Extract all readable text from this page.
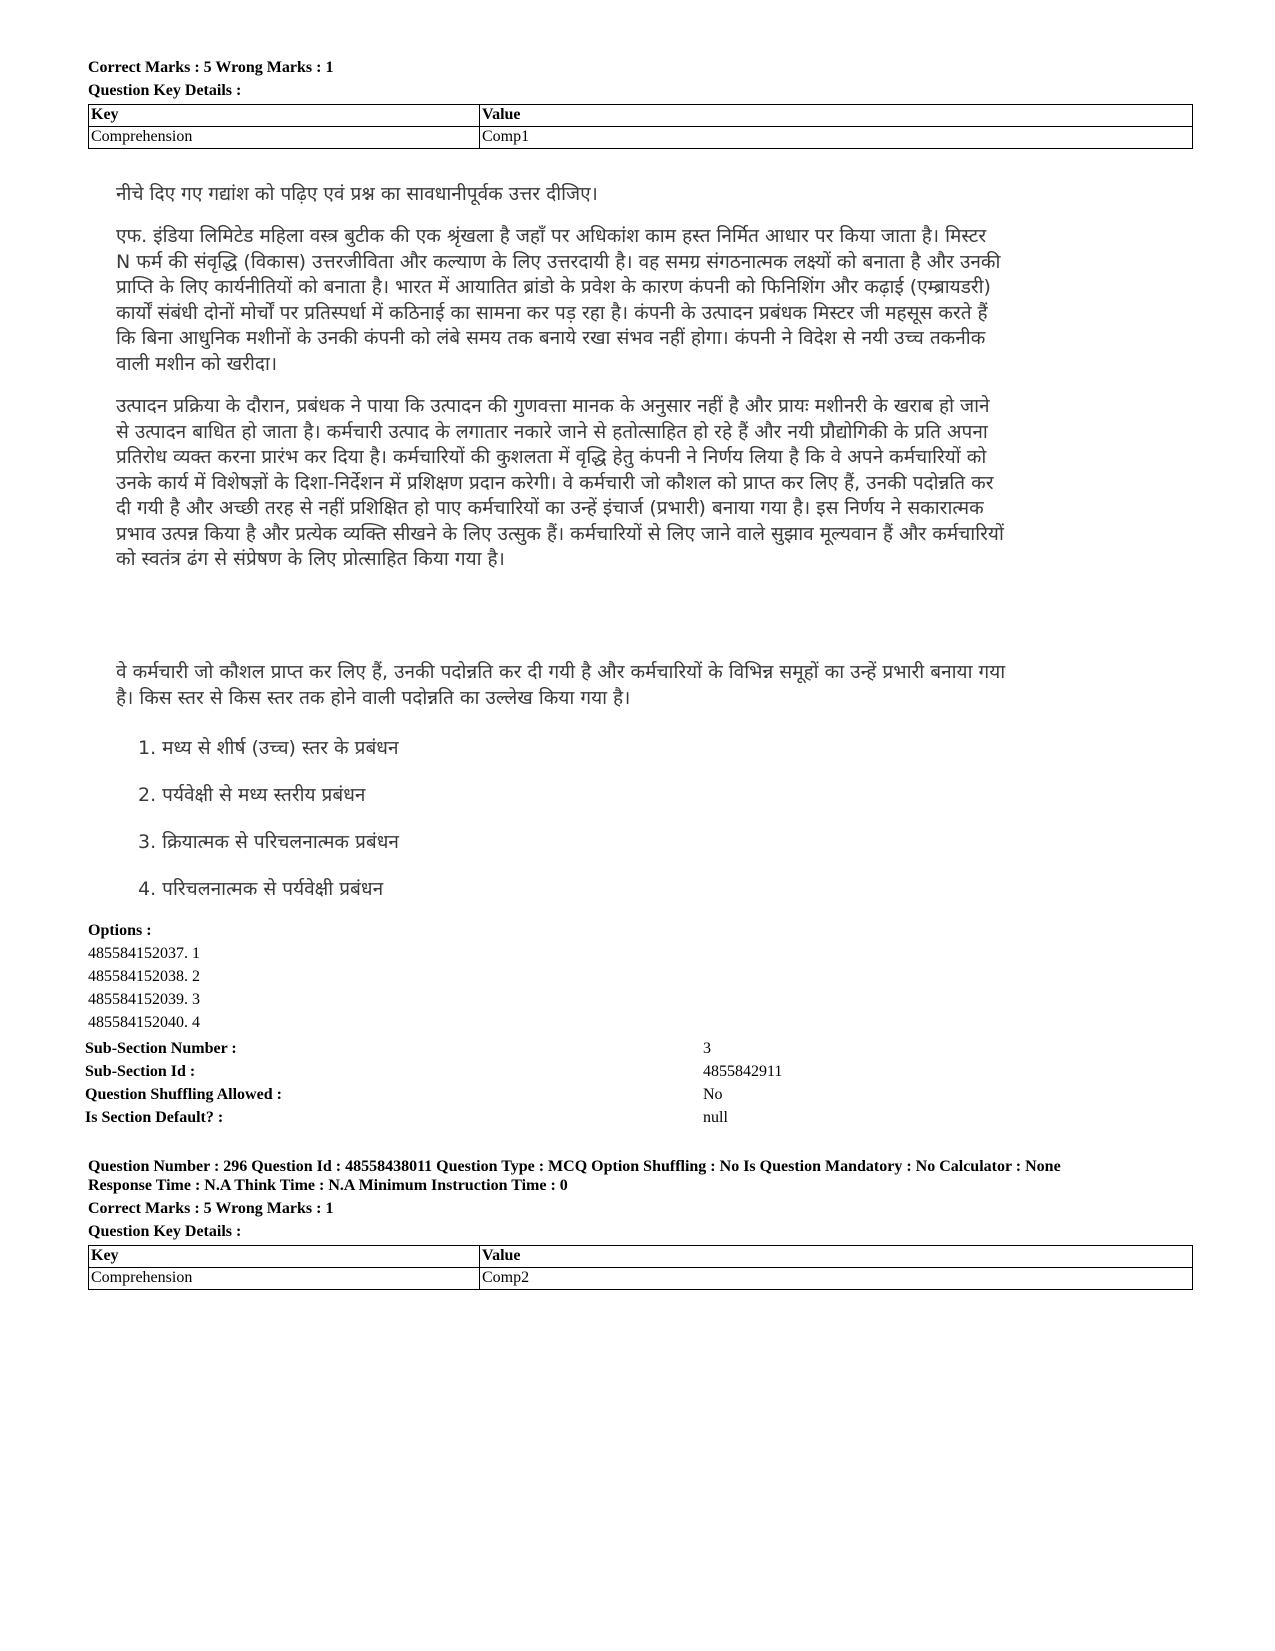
Correct Marks : 5 Wrong Marks : 1
Question Key Details :
Key	Value
Comprehension	Comp1

नीचे दिए गए गद्यांश को पढ़िए एवं प्रश्न का सावधानीपूर्वक उत्तर दीजिए।

एफ. इंडिया लिमिटेड महिला वस्त्र बुटीक की एक श्रृंखला है जहाँ पर अधिकांश काम हस्त निर्मित आधार पर किया जाता है। मिस्टर N फर्म की संवृद्धि (विकास) उत्तरजीविता और कल्याण के लिए उत्तरदायी है। वह समग्र संगठनात्मक लक्ष्यों को बनाता है और उनकी प्राप्ति के लिए कार्यनीतियों को बनाता है। भारत में आयातित ब्रांडो के प्रवेश के कारण कंपनी को फिनिशिंग और कढ़ाई (एम्ब्रायडरी) कार्यों संबंधी दोनों मोर्चों पर प्रतिस्पर्धा में कठिनाई का सामना कर पड़ रहा है। कंपनी के उत्पादन प्रबंधक मिस्टर जी महसूस करते हैं कि बिना आधुनिक मशीनों के उनकी कंपनी को लंबे समय तक बनाये रखा संभव नहीं होगा। कंपनी ने विदेश से नयी उच्च तकनीक वाली मशीन को खरीदा।

उत्पादन प्रक्रिया के दौरान, प्रबंधक ने पाया कि उत्पादन की गुणवत्ता मानक के अनुसार नहीं है और प्रायः मशीनरी के खराब हो जाने से उत्पादन बाधित हो जाता है। कर्मचारी उत्पाद के लगातार नकारे जाने से हतोत्साहित हो रहे हैं और नयी प्रौद्योगिकी के प्रति अपना प्रतिरोध व्यक्त करना प्रारंभ कर दिया है। कर्मचारियों की कुशलता में वृद्धि हेतु कंपनी ने निर्णय लिया है कि वे अपने कर्मचारियों को उनके कार्य में विशेषज्ञों के दिशा-निर्देशन में प्रशिक्षण प्रदान करेगी। वे कर्मचारी जो कौशल को प्राप्त कर लिए हैं, उनकी पदोन्नति कर दी गयी है और अच्छी तरह से नहीं प्रशिक्षित हो पाए कर्मचारियों का उन्हें इंचार्ज (प्रभारी) बनाया गया है। इस निर्णय ने सकारात्मक प्रभाव उत्पन्न किया है और प्रत्येक व्यक्ति सीखने के लिए उत्सुक हैं। कर्मचारियों से लिए जाने वाले सुझाव मूल्यवान हैं और कर्मचारियों को स्वतंत्र ढंग से संप्रेषण के लिए प्रोत्साहित किया गया है।

वे कर्मचारी जो कौशल प्राप्त कर लिए हैं, उनकी पदोन्नति कर दी गयी है और कर्मचारियों के विभिन्न समूहों का उन्हें प्रभारी बनाया गया है। किस स्तर से किस स्तर तक होने वाली पदोन्नति का उल्लेख किया गया है।

1. मध्य से शीर्ष (उच्च) स्तर के प्रबंधन
2. पर्यवेक्षी से मध्य स्तरीय प्रबंधन
3. क्रियात्मक से परिचलनात्मक प्रबंधन
4. परिचलनात्मक से पर्यवेक्षी प्रबंधन
Options :
485584152037. 1
485584152038. 2
485584152039. 3
485584152040. 4
Sub-Section Number :	3
Sub-Section Id :	4855842911
Question Shuffling Allowed :	No
Is Section Default? :	null
Question Number : 296 Question Id : 48558438011 Question Type : MCQ Option Shuffling : No Is Question Mandatory : No Calculator : None
Response Time : N.A Think Time : N.A Minimum Instruction Time : 0
Correct Marks : 5 Wrong Marks : 1
Question Key Details :
Key	Value
Comprehension	Comp2
